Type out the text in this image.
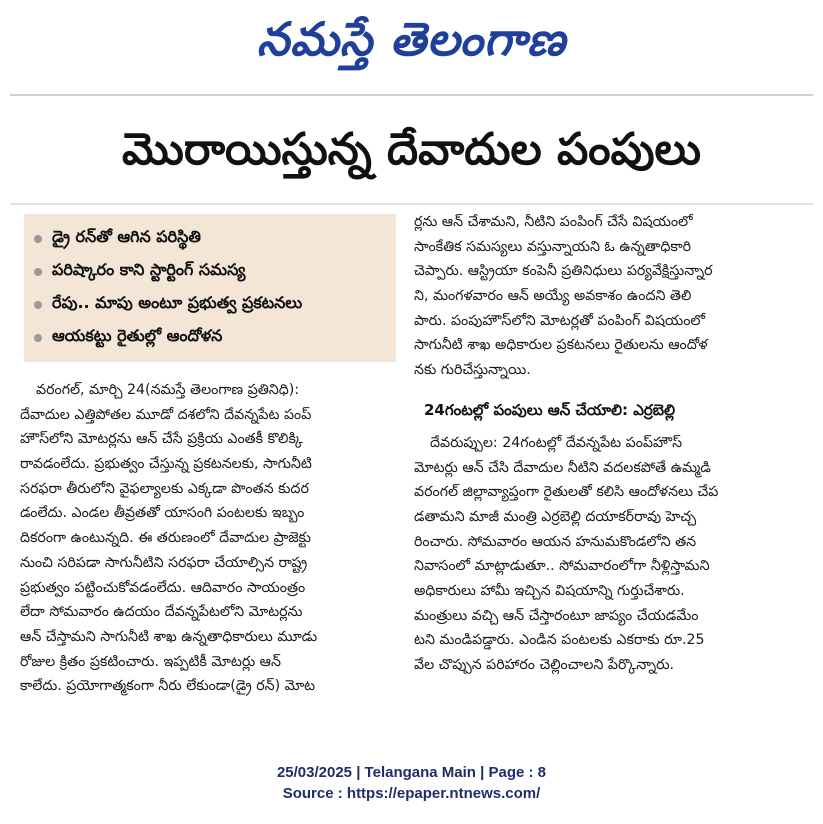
నమస్తే తెలంగాణ
మొరాయిస్తున్న దేవాదుల పంపులు
డ్రై రన్‌తో ఆగిన పరిస్థితి
పరిష్కారం కాని స్టార్టింగ్ సమస్య
రేపు.. మాపు అంటూ ప్రభుత్వ ప్రకటనలు
ఆయకట్టు రైతుల్లో ఆందోళన
వరంగల్, మార్చి 24(నమస్తే తెలంగాణ ప్రతినిధి):
దేవాదుల ఎత్తిపోతల మూడో దశలోని దేవన్నపేట పంప్
హౌస్‌లోని మోటర్లను ఆన్ చేసే ప్రక్రియ ఎంతకీ కొలిక్కి
రావడంలేదు. ప్రభుత్వం చేస్తున్న ప్రకటనలకు, సాగునీటి
సరఫరా తీరులోని వైఫల్యాలకు ఎక్కడా పొంతన కుదర
డంలేదు. ఎండల తీవ్రతతో యాసంగి పంటలకు ఇబ్బం
దికరంగా ఉంటున్నది. ఈ తరుణంలో దేవాదుల ప్రాజెక్టు
నుంచి సరిపడా సాగునీటిని సరఫరా చేయాల్సిన రాష్ట్ర
ప్రభుత్వం పట్టించుకోవడంలేదు. ఆదివారం సాయంత్రం
లేదా సోమవారం ఉదయం దేవన్నపేటలోని మోటర్లను
ఆన్ చేస్తామని సాగునీటి శాఖ ఉన్నతాధికారులు మూడు
రోజుల క్రితం ప్రకటించారు. ఇప్పటికీ మోటర్లు ఆన్
కాలేదు. ప్రయోగాత్మకంగా నీరు లేకుండా(డ్రై రన్) మోట
ర్లను ఆన్ చేశామని, నీటిని పంపింగ్ చేసే విషయంలో
సాంకేతిక సమస్యలు వస్తున్నాయని ఓ ఉన్నతాధికారి
చెప్పారు. ఆస్ట్రియా కంపెనీ ప్రతినిధులు పర్యవేక్షిస్తున్నార
ని, మంగళవారం ఆన్ అయ్యే అవకాశం ఉందని తెలి
పారు. పంపుహౌస్‌లోని మోటర్లతో పంపింగ్ విషయంలో
సాగునీటి శాఖ అధికారుల ప్రకటనలు రైతులను ఆందోళ
నకు గురిచేస్తున్నాయి.
24గంటల్లో పంపులు ఆన్ చేయాలి: ఎర్రబెల్లి
దేవరుప్పుల: 24గంటల్లో దేవన్నపేట పంప్‌హౌస్
మోటర్లు ఆన్ చేసి దేవాదుల నీటిని వదలకపోతే ఉమ్మడి
వరంగల్ జిల్లావ్యాప్తంగా రైతులతో కలిసి ఆందోళనలు చేప
డతామని మాజీ మంత్రి ఎర్రబెల్లి దయాకర్‌రావు హెచ్చ
రించారు. సోమవారం ఆయన హనుమకొండలోని తన
నివాసంలో మాట్లాడుతూ.. సోమవారంలోగా నీళ్లిస్తామని
అధికారులు హామీ ఇచ్చిన విషయాన్ని గుర్తుచేశారు.
మంత్రులు వచ్చి ఆన్ చేస్తారంటూ జాప్యం చేయడమేం
టని మండిపడ్డారు. ఎండిన పంటలకు ఎకరాకు రూ.25
వేల చొప్పున పరిహారం చెల్లించాలని పేర్కొన్నారు.
25/03/2025 | Telangana Main | Page : 8
Source : https://epaper.ntnews.com/
